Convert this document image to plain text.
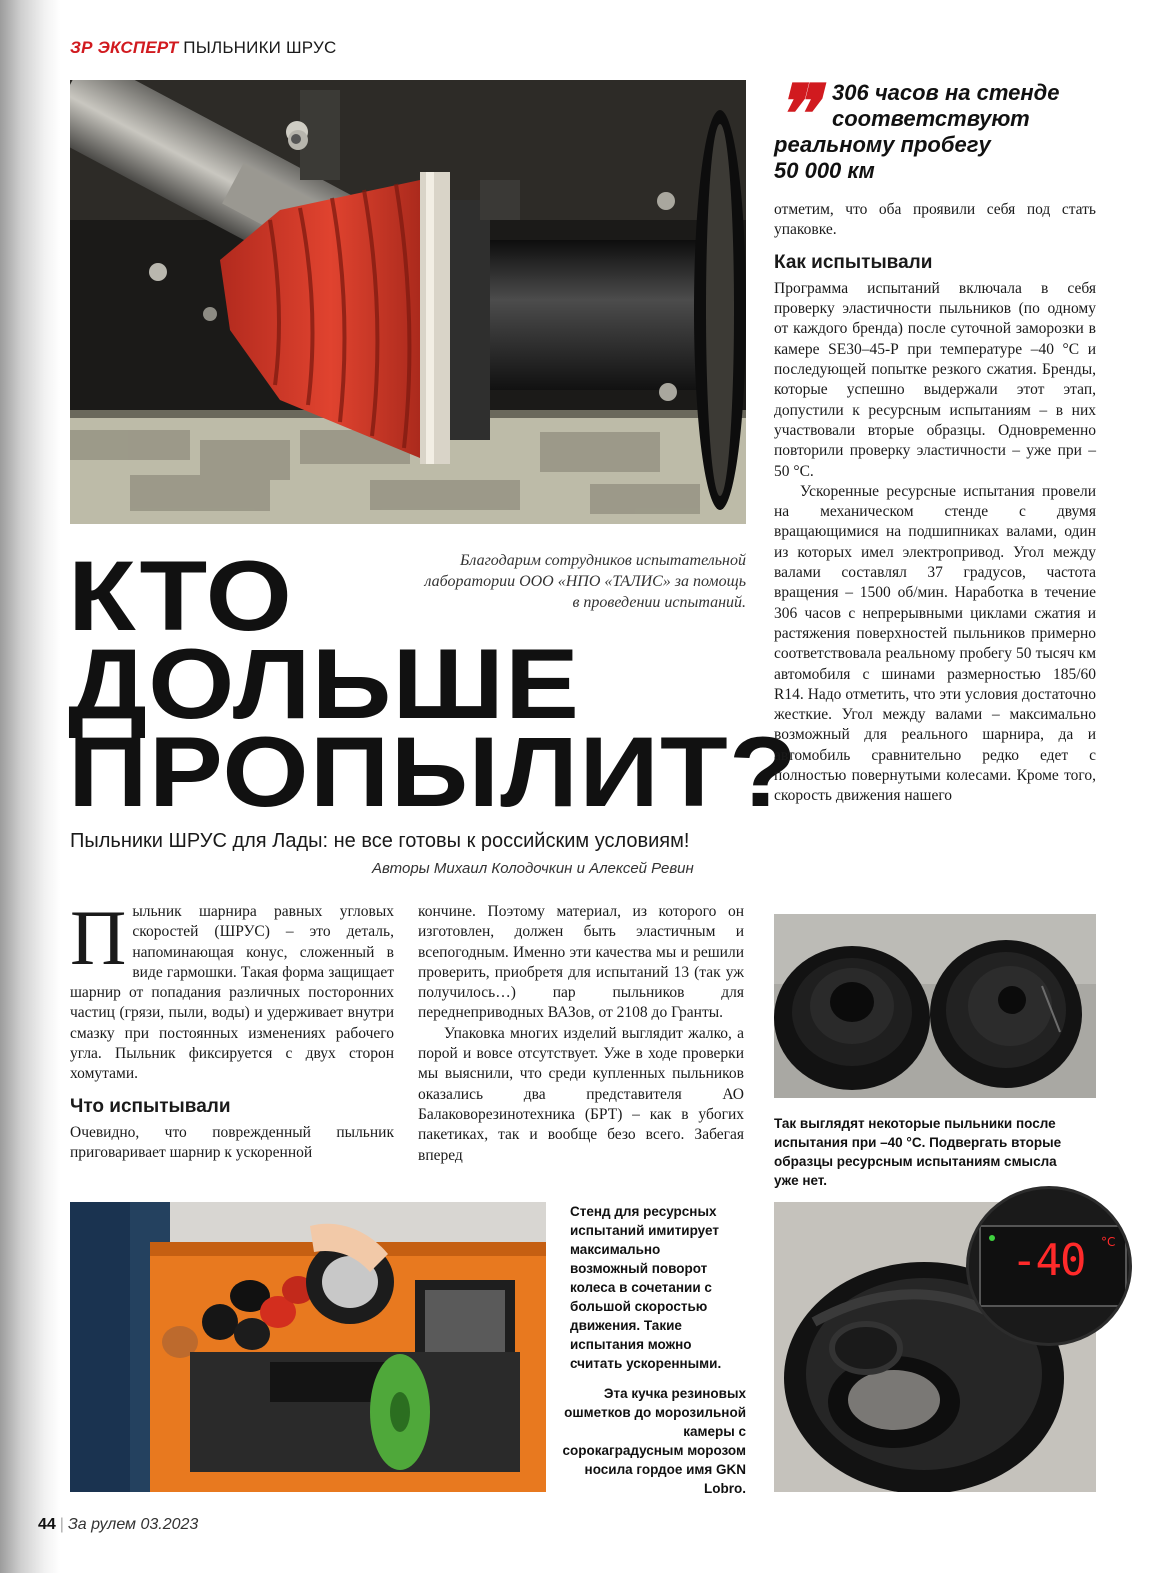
ЗР ЭКСПЕРТ ПЫЛЬНИКИ ШРУС
Благодарим сотрудников испытательной
лаборатории ООО «НПО «ТАЛИС» за помощь
в проведении испытаний.
КТО
ДОЛЬШЕ
ПРОПЫЛИТ?
Пыльники ШРУС для Лады: не все готовы к российским условиям!
Авторы Михаил Колодочкин и Алексей Ревин

Пыльник шарнира равных угловых скоростей (ШРУС) – это деталь, напоминающая конус, сложенный в виде гармошки. Такая форма защищает шарнир от попадания различных посторонних частиц (грязи, пыли, воды) и удерживает внутри смазку при постоянных изменениях рабочего угла. Пыльник фиксируется с двух сторон хомутами.

Что испытывали

Очевидно, что поврежденный пыльник приговаривает шарнир к ускоренной

кончине. Поэтому материал, из которого он изготовлен, должен быть эластичным и всепогодным. Именно эти качества мы и решили проверить, приобретя для испытаний 13 (так уж получилось…) пар пыльников для переднеприводных ВАЗов, от 2108 до Гранты.

Упаковка многих изделий выглядит жалко, а порой и вовсе отсутствует. Уже в ходе проверки мы выяснили, что среди купленных пыльников оказались два представителя АО Балаковорезинотехника (БРТ) – как в убогих пакетиках, так и вообще безо всего. Забегая вперед

❞ 306 часов на стенде
соответствуют
реальному пробегу
50 000 км

отметим, что оба проявили себя под стать упаковке.

Как испытывали

Программа испытаний включала в себя проверку эластичности пыльников (по одному от каждого бренда) после суточной заморозки в камере SE30–45-Р при температуре –40 °С и последующей попытке резкого сжатия. Бренды, которые успешно выдержали этот этап, допустили к ресурсным испытаниям – в них участвовали вторые образцы. Одновременно повторили проверку эластичности – уже при –50 °С.

Ускоренные ресурсные испытания провели на механическом стенде с двумя вращающимися на подшипниках валами, один из которых имел электропривод. Угол между валами составлял 37 градусов, частота вращения – 1500 об/мин. Наработка в течение 306 часов с непрерывными циклами сжатия и растяжения поверхностей пыльников примерно соответствовала реальному пробегу 50 тысяч км автомобиля с шинами размерностью 185/60 R14. Надо отметить, что эти условия достаточно жесткие. Угол между валами – максимально возможный для реального шарнира, да и автомобиль сравнительно редко едет с полностью повернутыми колесами. Кроме того, скорость движения нашего

Так выглядят некоторые пыльники после испытания при –40 °С. Подвергать вторые образцы ресурсным испытаниям смысла уже нет.
Стенд для ресурсных испытаний имитирует максимально возможный поворот колеса в сочетании с большой скоростью движения. Такие испытания можно считать ускоренными.
Эта кучка резиновых ошметков до морозильной камеры с сорокаградусным морозом носила гордое имя GKN Lobro.
-40 °C
44 | За рулем 03.2023
